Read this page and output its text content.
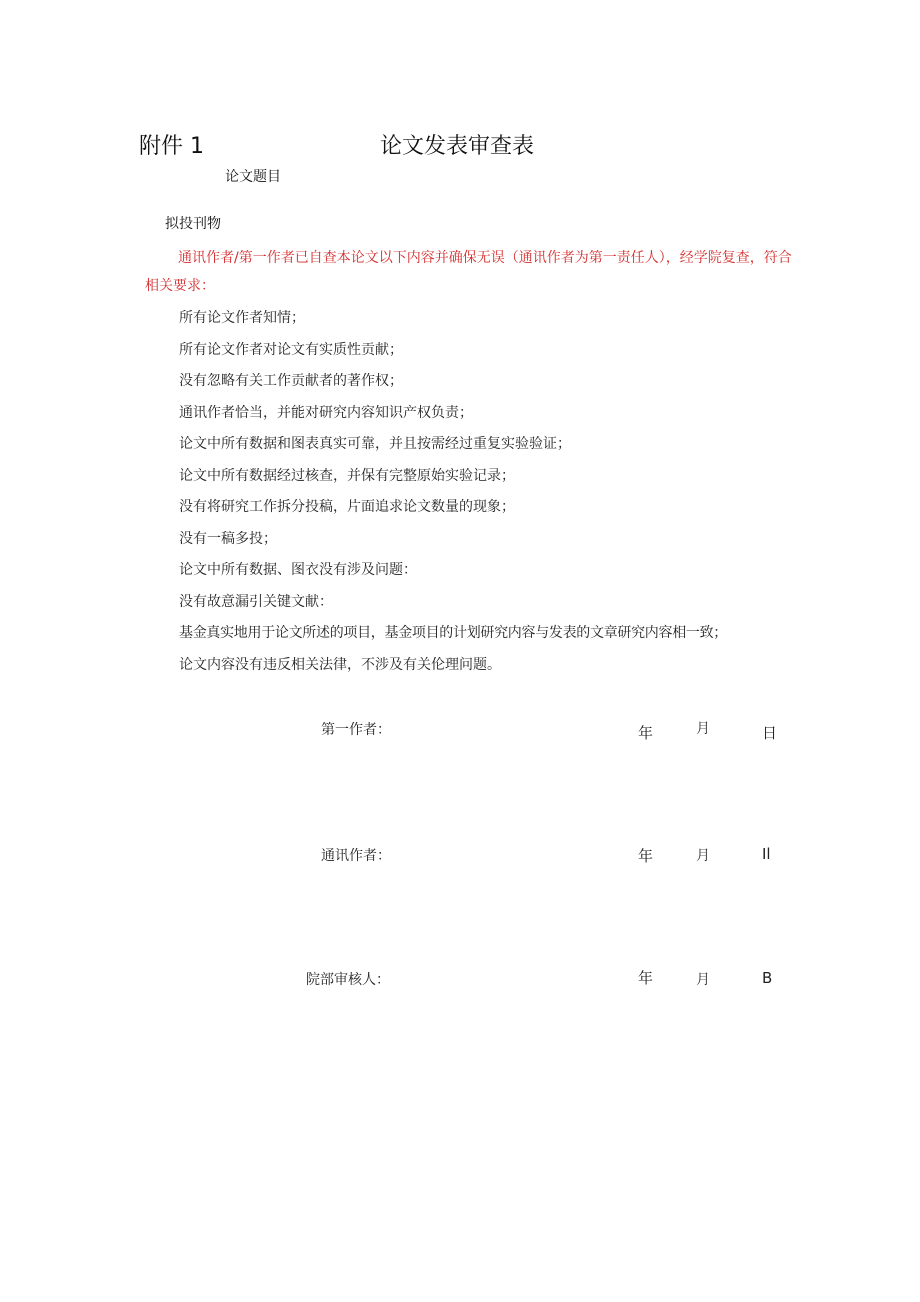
附件 1	论文发表审查表
论文题目
拟投刊物
通讯作者/第一作者已自查本论文以下内容并确保无误（通讯作者为第一责任人），经学院复查，符合相关要求：
所有论文作者知情；
所有论文作者对论文有实质性贡献；
没有忽略有关工作贡献者的著作权；
通讯作者恰当，并能对研究内容知识产权负责；
论文中所有数据和图表真实可靠，并且按需经过重复实验验证；
论文中所有数据经过核查，并保有完整原始实验记录；
没有将研究工作拆分投稿，片面追求论文数量的现象；
没有一稿多投；
论文中所有数据、图衣没有涉及问题：
没有故意漏引关键文献：
基金真实地用于论文所述的项目，基金项目的计划研究内容与发表的文章研究内容相一致；
论文内容没有违反相关法律，不涉及有关伦理问题。
第一作者：	年	月	日
通讯作者：	年	月	Il
院部审核人：	年	月	B
